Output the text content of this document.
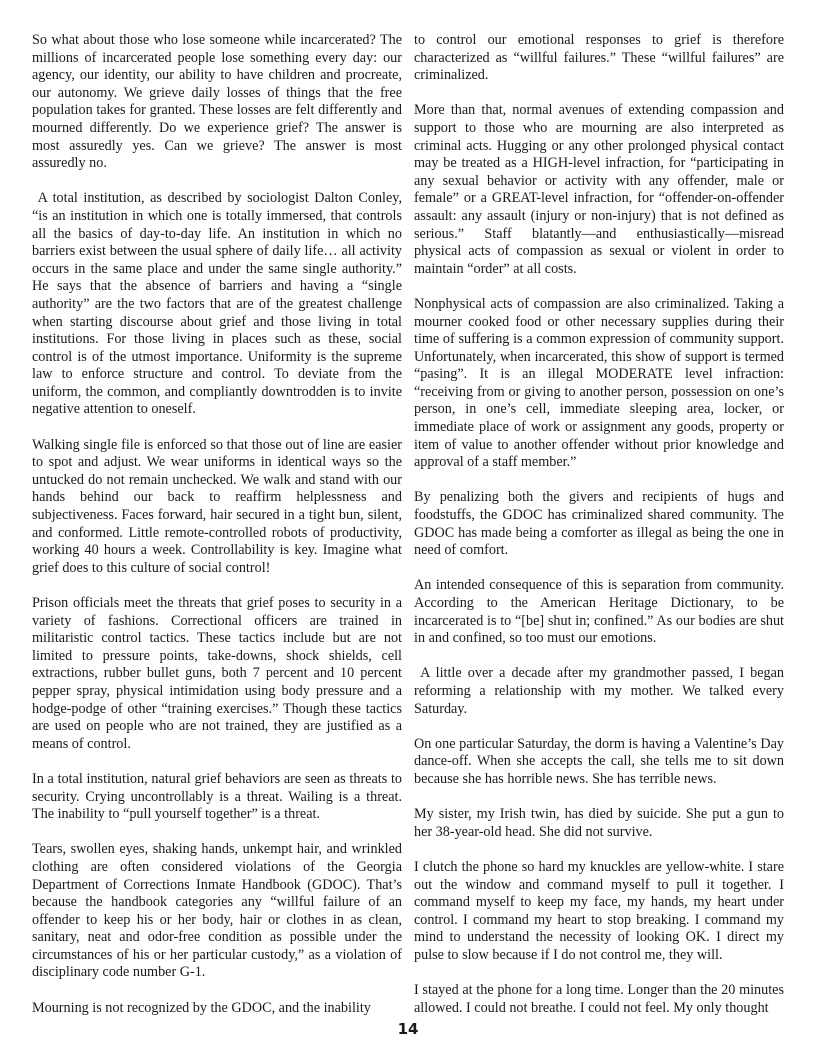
So what about those who lose someone while incarcerated? The millions of incarcerated people lose something every day: our agency, our identity, our ability to have children and procreate, our autonomy. We grieve daily losses of things that the free population takes for granted. These losses are felt differently and mourned differently. Do we experience grief? The answer is most assuredly yes. Can we grieve? The answer is most assuredly no.

A total institution, as described by sociologist Dalton Conley, “is an institution in which one is totally immersed, that controls all the basics of day-to-day life. An institution in which no barriers exist between the usual sphere of daily life… all activity occurs in the same place and under the same single authority.” He says that the absence of barriers and having a “single authority” are the two factors that are of the greatest challenge when starting discourse about grief and those living in total institutions. For those living in places such as these, social control is of the utmost importance. Uniformity is the supreme law to enforce structure and control. To deviate from the uniform, the common, and compliantly downtrodden is to invite negative attention to oneself.

Walking single file is enforced so that those out of line are easier to spot and adjust. We wear uniforms in identical ways so the untucked do not remain unchecked. We walk and stand with our hands behind our back to reaffirm helplessness and subjectiveness. Faces forward, hair secured in a tight bun, silent, and conformed. Little remote-controlled robots of productivity, working 40 hours a week. Controllability is key. Imagine what grief does to this culture of social control!

Prison officials meet the threats that grief poses to security in a variety of fashions. Correctional officers are trained in militaristic control tactics. These tactics include but are not limited to pressure points, take-downs, shock shields, cell extractions, rubber bullet guns, both 7 percent and 10 percent pepper spray, physical intimidation using body pressure and a hodge-podge of other “training exercises.” Though these tactics are used on people who are not trained, they are justified as a means of control.

In a total institution, natural grief behaviors are seen as threats to security. Crying uncontrollably is a threat. Wailing is a threat. The inability to “pull yourself together” is a threat.

Tears, swollen eyes, shaking hands, unkempt hair, and wrinkled clothing are often considered violations of the Georgia Department of Corrections Inmate Handbook (GDOC). That’s because the handbook categories any “willful failure of an offender to keep his or her body, hair or clothes in as clean, sanitary, neat and odor-free condition as possible under the circumstances of his or her particular custody,” as a violation of disciplinary code number G-1.

Mourning is not recognized by the GDOC, and the inability

to control our emotional responses to grief is therefore characterized as “willful failures.” These “willful failures” are criminalized.

More than that, normal avenues of extending compassion and support to those who are mourning are also interpreted as criminal acts. Hugging or any other prolonged physical contact may be treated as a HIGH-level infraction, for “participating in any sexual behavior or activity with any offender, male or female” or a GREAT-level infraction, for “offender-on-offender assault: any assault (injury or non-injury) that is not defined as serious.” Staff blatantly—and enthusiastically—misread physical acts of compassion as sexual or violent in order to maintain “order” at all costs.

Nonphysical acts of compassion are also criminalized. Taking a mourner cooked food or other necessary supplies during their time of suffering is a common expression of community support. Unfortunately, when incarcerated, this show of support is termed “pasing”. It is an illegal MODERATE level infraction: “receiving from or giving to another person, possession on one’s person, in one’s cell, immediate sleeping area, locker, or immediate place of work or assignment any goods, property or item of value to another offender without prior knowledge and approval of a staff member.”

By penalizing both the givers and recipients of hugs and foodstuffs, the GDOC has criminalized shared community. The GDOC has made being a comforter as illegal as being the one in need of comfort.

An intended consequence of this is separation from community. According to the American Heritage Dictionary, to be incarcerated is to “[be] shut in; confined.” As our bodies are shut in and confined, so too must our emotions.

A little over a decade after my grandmother passed, I began reforming a relationship with my mother. We talked every Saturday.

On one particular Saturday, the dorm is having a Valentine’s Day dance-off. When she accepts the call, she tells me to sit down because she has horrible news. She has terrible news.

My sister, my Irish twin, has died by suicide. She put a gun to her 38-year-old head. She did not survive.

I clutch the phone so hard my knuckles are yellow-white. I stare out the window and command myself to pull it together. I command myself to keep my face, my hands, my heart under control. I command my heart to stop breaking. I command my mind to understand the necessity of looking OK. I direct my pulse to slow because if I do not control me, they will.

I stayed at the phone for a long time. Longer than the 20 minutes allowed. I could not breathe. I could not feel. My only thought

14
